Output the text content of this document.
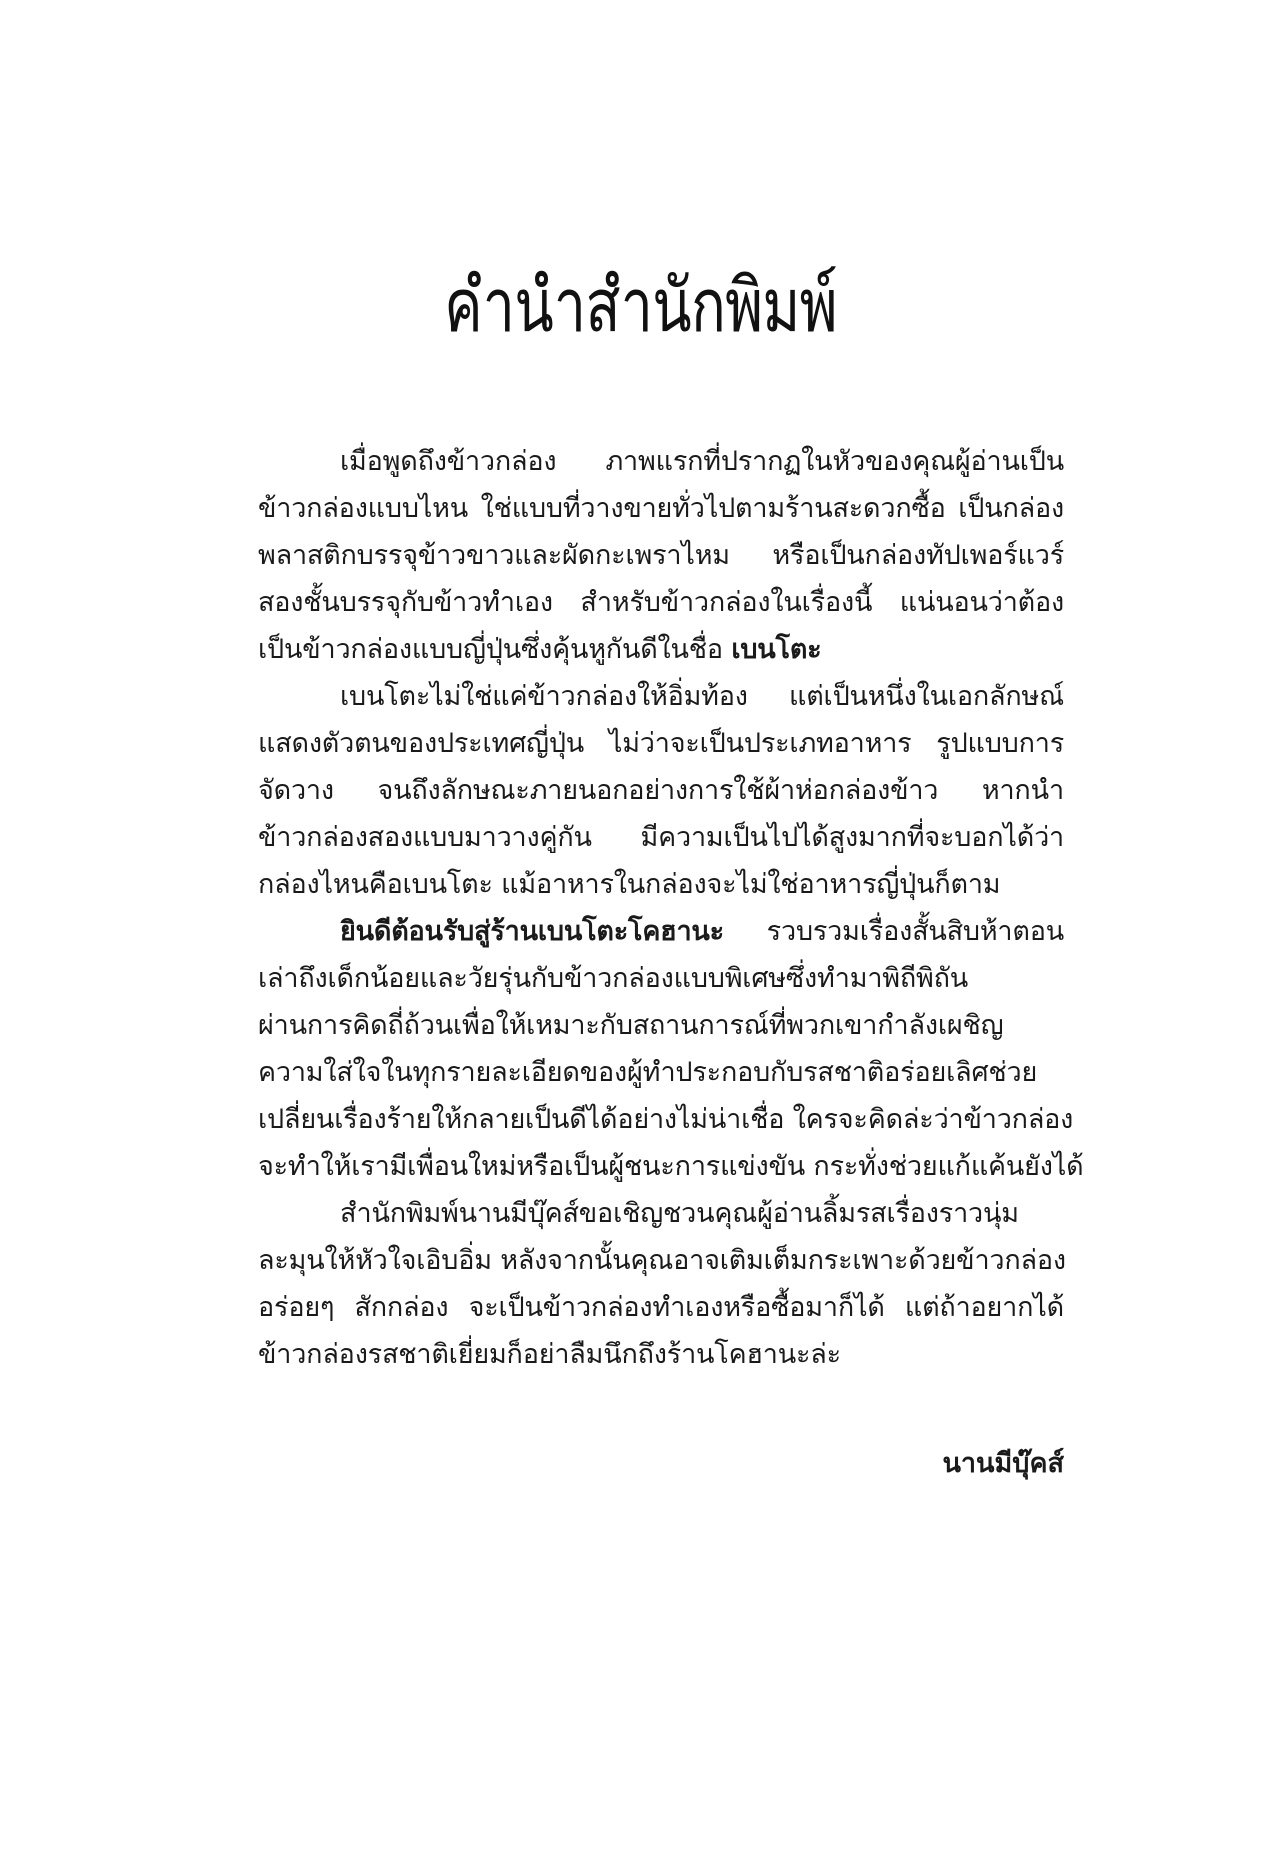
คำนำสำนักพิมพ์
เมื่อพูดถึงข้าวกล่อง ภาพแรกที่ปรากฏในหัวของคุณผู้อ่านเป็น
ข้าวกล่องแบบไหน ใช่แบบที่วางขายทั่วไปตามร้านสะดวกซื้อ เป็นกล่อง
พลาสติกบรรจุข้าวขาวและผัดกะเพราไหม หรือเป็นกล่องทัปเพอร์แวร์
สองชั้นบรรจุกับข้าวทำเอง สำหรับข้าวกล่องในเรื่องนี้ แน่นอนว่าต้อง
เป็นข้าวกล่องแบบญี่ปุ่นซึ่งคุ้นหูกันดีในชื่อ เบนโตะ
เบนโตะไม่ใช่แค่ข้าวกล่องให้อิ่มท้อง แต่เป็นหนึ่งในเอกลักษณ์
แสดงตัวตนของประเทศญี่ปุ่น ไม่ว่าจะเป็นประเภทอาหาร รูปแบบการ
จัดวาง จนถึงลักษณะภายนอกอย่างการใช้ผ้าห่อกล่องข้าว หากนำ
ข้าวกล่องสองแบบมาวางคู่กัน มีความเป็นไปได้สูงมากที่จะบอกได้ว่า
กล่องไหนคือเบนโตะ แม้อาหารในกล่องจะไม่ใช่อาหารญี่ปุ่นก็ตาม
ยินดีต้อนรับสู่ร้านเบนโตะโคฮานะ รวบรวมเรื่องสั้นสิบห้าตอน
เล่าถึงเด็กน้อยและวัยรุ่นกับข้าวกล่องแบบพิเศษซึ่งทำมาพิถีพิถัน
ผ่านการคิดถี่ถ้วนเพื่อให้เหมาะกับสถานการณ์ที่พวกเขากำลังเผชิญ
ความใส่ใจในทุกรายละเอียดของผู้ทำประกอบกับรสชาติอร่อยเลิศช่วย
เปลี่ยนเรื่องร้ายให้กลายเป็นดีได้อย่างไม่น่าเชื่อ ใครจะคิดล่ะว่าข้าวกล่อง
จะทำให้เรามีเพื่อนใหม่หรือเป็นผู้ชนะการแข่งขัน กระทั่งช่วยแก้แค้นยังได้
สำนักพิมพ์นานมีบุ๊คส์ขอเชิญชวนคุณผู้อ่านลิ้มรสเรื่องราวนุ่ม
ละมุนให้หัวใจเอิบอิ่ม หลังจากนั้นคุณอาจเติมเต็มกระเพาะด้วยข้าวกล่อง
อร่อยๆ สักกล่อง จะเป็นข้าวกล่องทำเองหรือซื้อมาก็ได้ แต่ถ้าอยากได้
ข้าวกล่องรสชาติเยี่ยมก็อย่าลืมนึกถึงร้านโคฮานะล่ะ
นานมีบุ๊คส์
